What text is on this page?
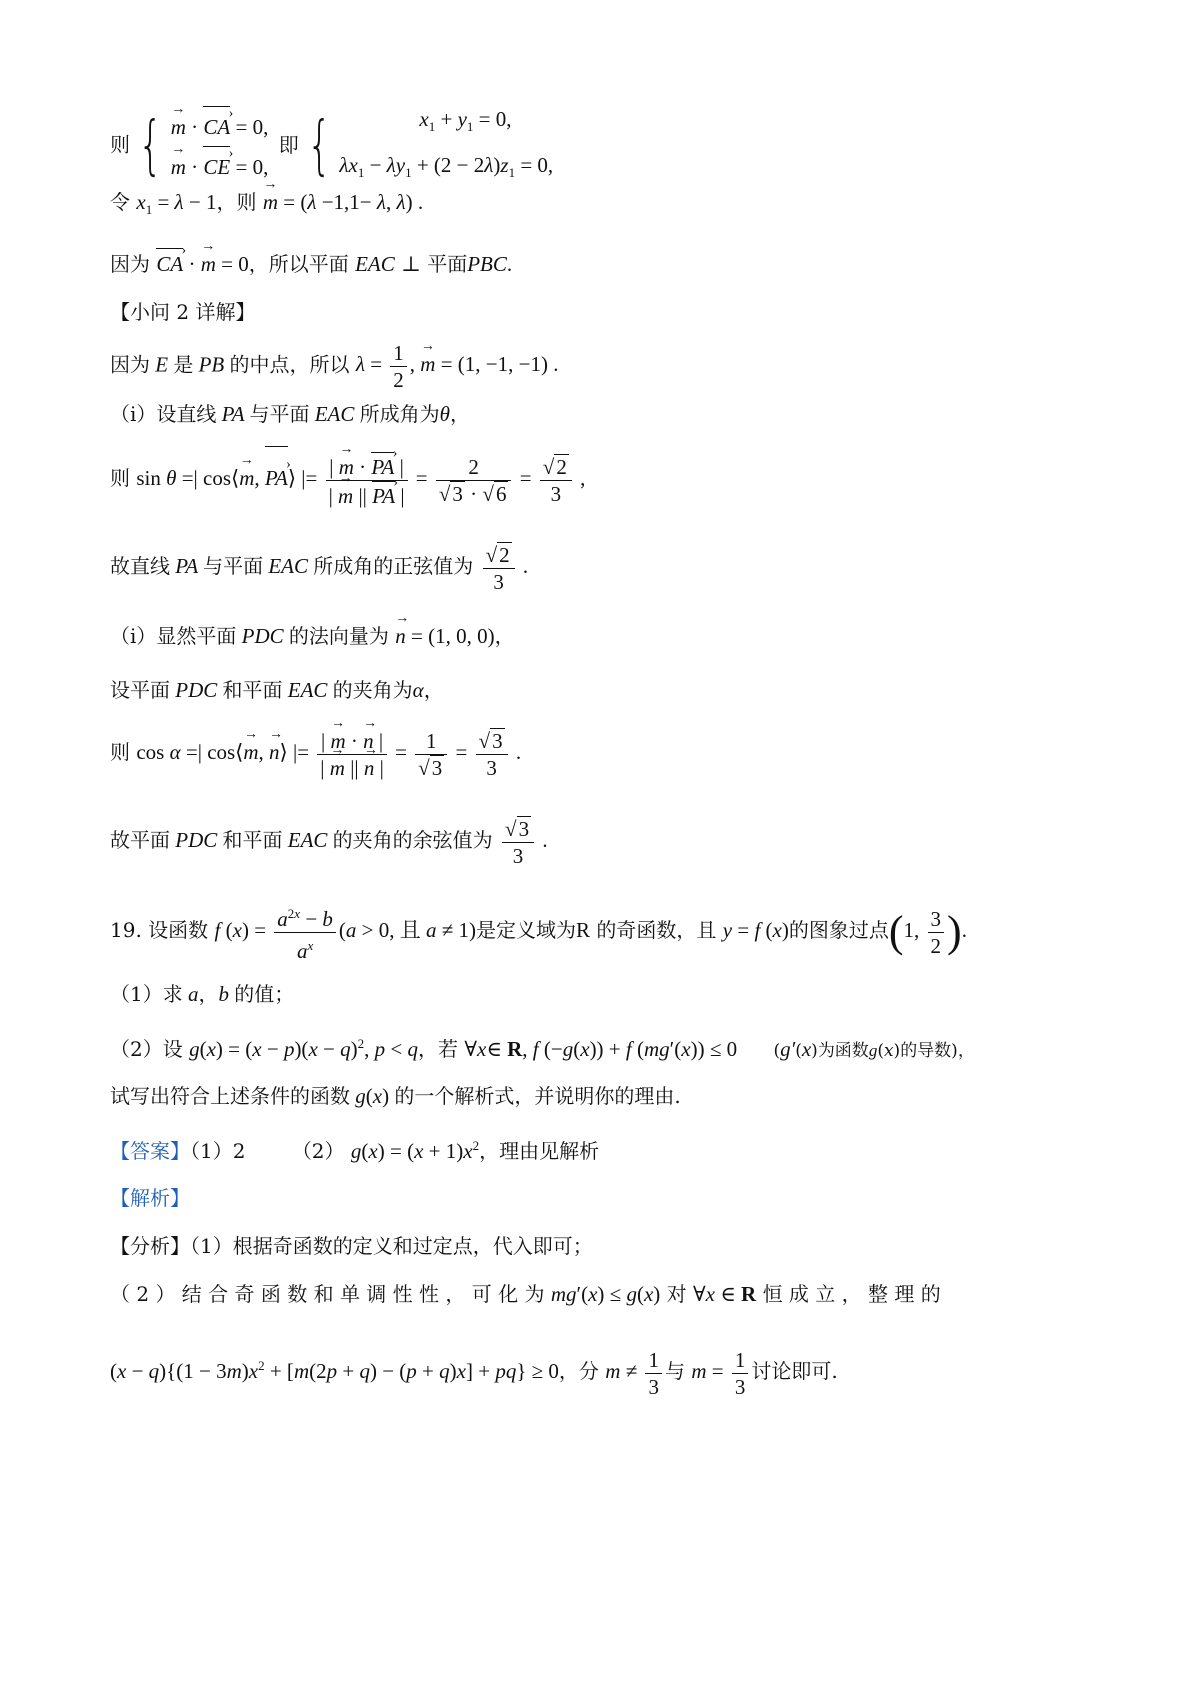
则 { → m · CA › = 0,
→ m · CE › = 0,
即 {	$x_1 + y_1 = 0$,
$\lambda x_1 - \lambda y_1 + (2 - 2\lambda)z_1 = 0$,
令 $x_1 = \lambda - 1$，则 → m = (λ −1,1− λ, λ) .
因为 CA › · → m = 0，所以平面 EAC ⊥ 平面PBC.
【小问 2 详解】
因为 E 是 PB 的中点，所以 $\lambda = \frac{1}{2}$ , → m = (1, −1, −1) .
（i）设直线 PA 与平面 EAC 所成角为θ，
则 sin θ =| cos⟨→ m, PA ›⟩ |= $\frac{| \to m \cdot PA › |}{| \to m || PA › |} = \frac{2}{√3 \cdot √6} = \frac{√2}{3}$ ,
故直线 PA 与平面 EAC 所成角的正弦值为 $\frac{√2}{3}$ .
（i）显然平面 PDC 的法向量为 → n = (1, 0, 0)，
设平面 PDC 和平面 EAC 的夹角为α，
则 cos α =| cos⟨→ m, → n⟩ |= $\frac{| \to m \cdot \to n |}{| \to m || \to n |} = \frac{1}{√3} = \frac{√3}{3}$ .
故平面 PDC 和平面 EAC 的夹角的余弦值为 $\frac{√3}{3}$ .
19. 设函数 f $(x) = \frac{a^{2x} - b}{a^x} (a > 0$, 且 a ≠ 1)是定义域为R 的奇函数，且 y = f (x)的图象过点(1, $\frac{3}{2}$ ).
（1）求 a，b 的值；
（2）设 $g(x) = (x - p)(x - q)^2$, p < q，若 ∀x∈ R, f (−g(x)) + f (mg′(x)) ≤ 0 (g′(x)为函数g(x)的导数)，
试写出符合上述条件的函数 g(x) 的一个解析式，并说明你的理由.
【答案】（1）2 （2） $g(x) = (x + 1)x^2$，理由见解析
【解析】
【分析】（1）根据奇函数的定义和过定点，代入即可；
（ 2 ） 结 合 奇 函 数 和 单 调 性 性 ， 可 化 为 mg′(x) ≤ g(x) 对 ∀x ∈ R 恒 成 立 ， 整 理 的
$(x - q)\{(1 - 3m)x^2 + [m(2p + q) - (p + q)x] + pq\} \ge 0$，分 $m \ne \frac{1}{3}$ 与 $m = \frac{1}{3}$ 讨论即可.
